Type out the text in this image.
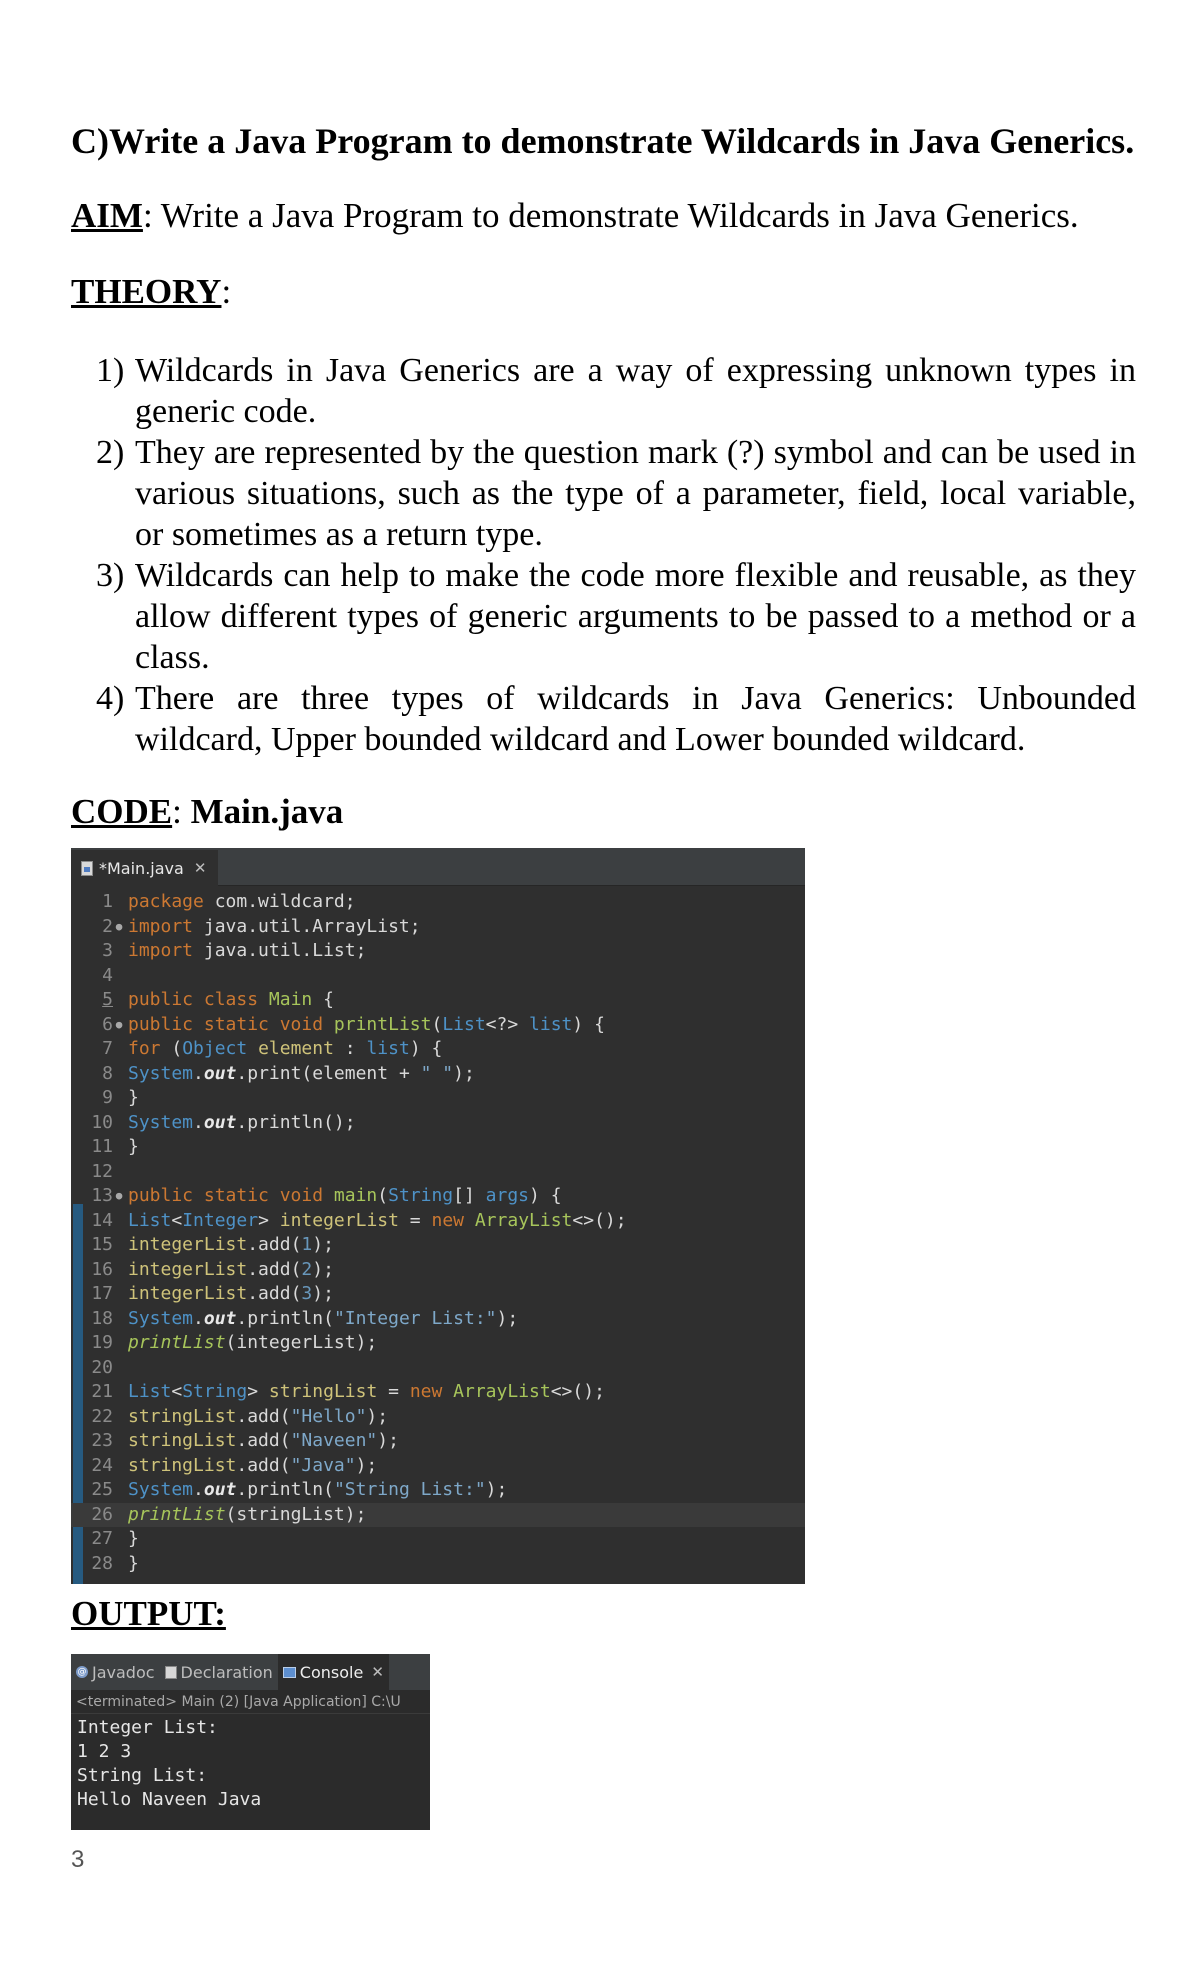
C)Write a Java Program to demonstrate Wildcards in Java Generics.

AIM: Write a Java Program to demonstrate Wildcards in Java Generics.

THEORY:

1) Wildcards in Java Generics are a way of expressing unknown types in generic code.
2) They are represented by the question mark (?) symbol and can be used in various situations, such as the type of a parameter, field, local variable, or sometimes as a return type.
3) Wildcards can help to make the code more flexible and reusable, as they allow different types of generic arguments to be passed to a method or a class.
4) There are three types of wildcards in Java Generics: Unbounded wildcard, Upper bounded wildcard and Lower bounded wildcard.

CODE: Main.java

*Main.java ✕
1 package com.wildcard;
2 ● import java.util.ArrayList;
3 import java.util.List;
4
5 public class Main {
6 ● public static void printList(List<?> list) {
7 for (Object element : list) {
8 System.out.print(element + " ");
9 }
10 System.out.println();
11 }
12
13 ● public static void main(String[] args) {
14 List<Integer> integerList = new ArrayList<>();
15 integerList.add(1);
16 integerList.add(2);
17 integerList.add(3);
18 System.out.println("Integer List:");
19 printList(integerList);
20
21 List<String> stringList = new ArrayList<>();
22 stringList.add("Hello");
23 stringList.add("Naveen");
24 stringList.add("Java");
25 System.out.println("String List:");
26 printList(stringList);
27 }
28 }

OUTPUT:

@ Javadoc Declaration Console ✕
<terminated> Main (2) [Java Application] C:\U
Integer List:
1 2 3
String List:
Hello Naveen Java
3
